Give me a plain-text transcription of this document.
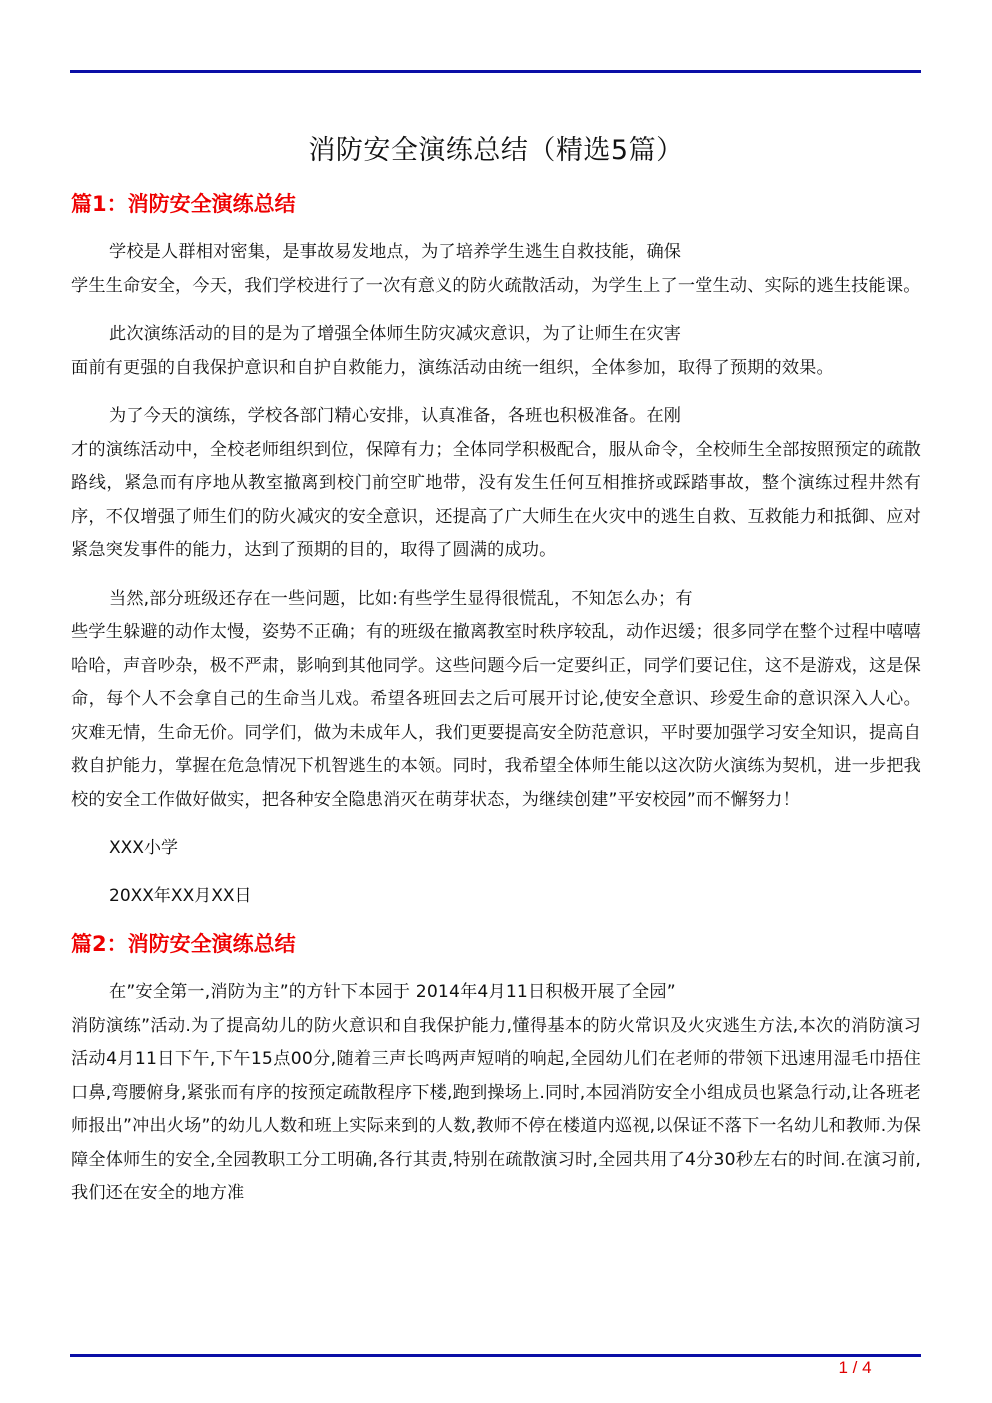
消防安全演练总结（精选5篇）
篇1：消防安全演练总结

学校是人群相对密集，是事故易发地点，为了培养学生逃生自救技能，确保
学生生命安全，今天，我们学校进行了一次有意义的防火疏散活动，为学生上了一堂生动、实际的逃生技能课。

此次演练活动的目的是为了增强全体师生防灾减灾意识，为了让师生在灾害
面前有更强的自我保护意识和自护自救能力，演练活动由统一组织，全体参加，取得了预期的效果。

为了今天的演练，学校各部门精心安排，认真准备，各班也积极准备。在刚
才的演练活动中，全校老师组织到位，保障有力；全体同学积极配合，服从命令，全校师生全部按照预定的疏散路线，紧急而有序地从教室撤离到校门前空旷地带，没有发生任何互相推挤或踩踏事故，整个演练过程井然有序，不仅增强了师生们的防火减灾的安全意识，还提高了广大师生在火灾中的逃生自救、互救能力和抵御、应对紧急突发事件的能力，达到了预期的目的，取得了圆满的成功。

当然,部分班级还存在一些问题，比如:有些学生显得很慌乱，不知怎么办；有
些学生躲避的动作太慢，姿势不正确；有的班级在撤离教室时秩序较乱，动作迟缓；很多同学在整个过程中嘻嘻哈哈，声音吵杂，极不严肃，影响到其他同学。这些问题今后一定要纠正，同学们要记住，这不是游戏，这是保命，每个人不会拿自己的生命当儿戏。希望各班回去之后可展开讨论,使安全意识、珍爱生命的意识深入人心。灾难无情，生命无价。同学们，做为未成年人，我们更要提高安全防范意识，平时要加强学习安全知识，提高自救自护能力，掌握在危急情况下机智逃生的本领。同时，我希望全体师生能以这次防火演练为契机，进一步把我校的安全工作做好做实，把各种安全隐患消灭在萌芽状态，为继续创建”平安校园”而不懈努力！

XXX小学

20XX年XX月XX日

篇2：消防安全演练总结

在”安全第一,消防为主”的方针下本园于 2014年4月11日积极开展了全园”
消防演练”活动.为了提高幼儿的防火意识和自我保护能力,懂得基本的防火常识及火灾逃生方法,本次的消防演习活动4月11日下午,下午15点00分,随着三声长鸣两声短哨的响起,全园幼儿们在老师的带领下迅速用湿毛巾捂住口鼻,弯腰俯身,紧张而有序的按预定疏散程序下楼,跑到操场上.同时,本园消防安全小组成员也紧急行动,让各班老师报出”冲出火场”的幼儿人数和班上实际来到的人数,教师不停在楼道内巡视,以保证不落下一名幼儿和教师.为保障全体师生的安全,全园教职工分工明确,各行其责,特别在疏散演习时,全园共用了4分30秒左右的时间.在演习前,我们还在安全的地方准

1 / 4
